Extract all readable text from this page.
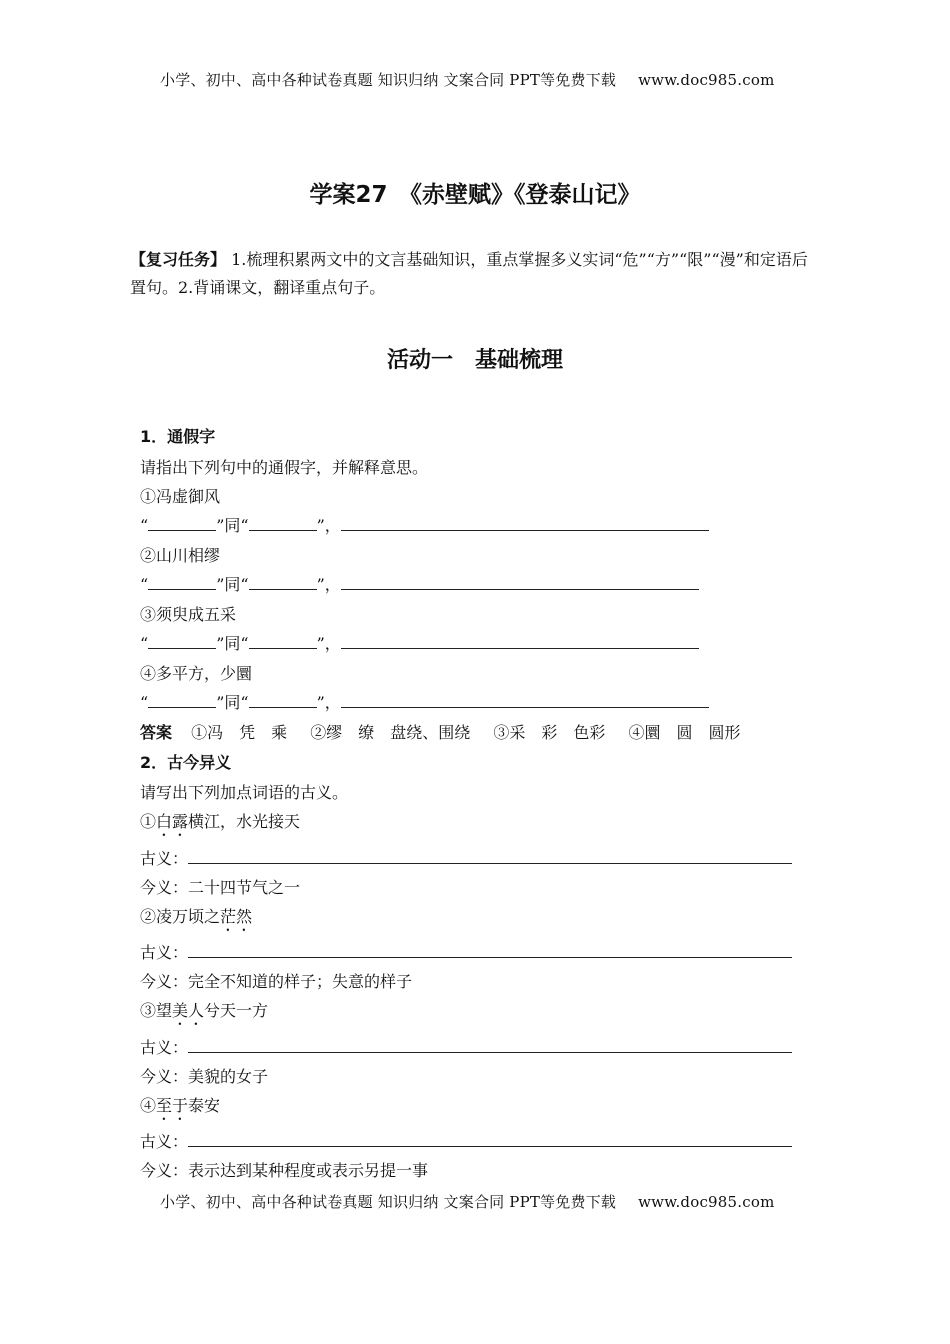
小学、初中、高中各种试卷真题 知识归纳 文案合同 PPT等免费下载 www.doc985.com
学案27　《赤壁赋》《登泰山记》
【复习任务】 1.梳理积累两文中的文言基础知识，重点掌握多义实词“危”“方”“限”“漫”和定语后置句。2.背诵课文，翻译重点句子。
活动一　基础梳理
1．通假字
请指出下列句中的通假字，并解释意思。
①冯虚御风
“	”同“	”，
②山川相缪
“	”同“	”，
③须臾成五采
“	”同“	”，
④多平方，少圜
“	”同“	”，
答案 ①冯　凭　乘 ②缪　缭　盘绕、围绕 ③采　彩　色彩 ④圜　圆　圆形
2．古今异义
请写出下列加点词语的古义。
①白露横江，水光接天
古义：
今义：二十四节气之一
②凌万顷之茫然
古义：
今义：完全不知道的样子；失意的样子
③望美人兮天一方
古义：
今义：美貌的女子
④至于泰安
古义：
今义：表示达到某种程度或表示另提一事
小学、初中、高中各种试卷真题 知识归纳 文案合同 PPT等免费下载 www.doc985.com
